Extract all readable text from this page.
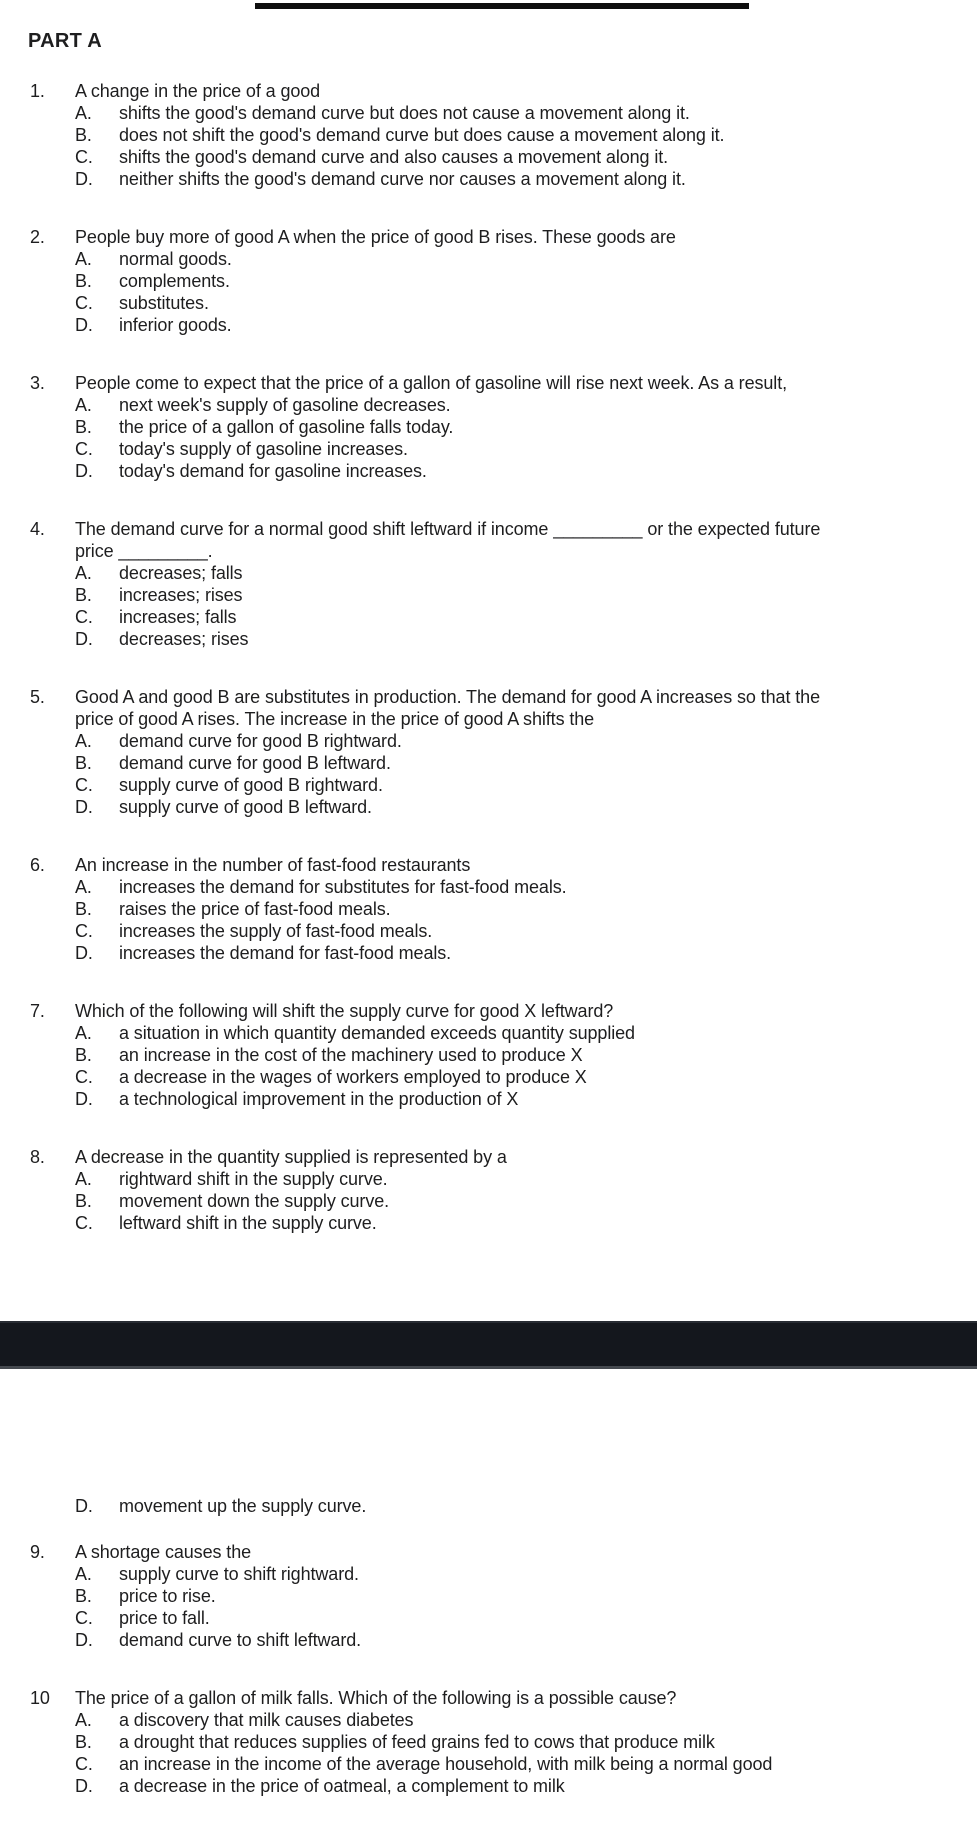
PART A
1. A change in the price of a good
A.	shifts the good's demand curve but does not cause a movement along it.
B.	does not shift the good's demand curve but does cause a movement along it.
C.	shifts the good's demand curve and also causes a movement along it.
D.	neither shifts the good's demand curve nor causes a movement along it.
2. People buy more of good A when the price of good B rises. These goods are
A.	normal goods.
B.	complements.
C.	substitutes.
D.	inferior goods.
3. People come to expect that the price of a gallon of gasoline will rise next week. As a result,
A.	next week's supply of gasoline decreases.
B.	the price of a gallon of gasoline falls today.
C.	today's supply of gasoline increases.
D.	today's demand for gasoline increases.
4. The demand curve for a normal good shift leftward if income _________ or the expected future
price _________.
A.	decreases; falls
B.	increases; rises
C.	increases; falls
D.	decreases; rises
5. Good A and good B are substitutes in production. The demand for good A increases so that the
price of good A rises. The increase in the price of good A shifts the
A.	demand curve for good B rightward.
B.	demand curve for good B leftward.
C.	supply curve of good B rightward.
D.	supply curve of good B leftward.
6. An increase in the number of fast-food restaurants
A.	increases the demand for substitutes for fast-food meals.
B.	raises the price of fast-food meals.
C.	increases the supply of fast-food meals.
D.	increases the demand for fast-food meals.
7. Which of the following will shift the supply curve for good X leftward?
A.	a situation in which quantity demanded exceeds quantity supplied
B.	an increase in the cost of the machinery used to produce X
C.	a decrease in the wages of workers employed to produce X
D.	a technological improvement in the production of X
8. A decrease in the quantity supplied is represented by a
A.	rightward shift in the supply curve.
B.	movement down the supply curve.
C.	leftward shift in the supply curve.
D.	movement up the supply curve.
9. A shortage causes the
A.	supply curve to shift rightward.
B.	price to rise.
C.	price to fall.
D.	demand curve to shift leftward.
10 The price of a gallon of milk falls. Which of the following is a possible cause?
A.	a discovery that milk causes diabetes
B.	a drought that reduces supplies of feed grains fed to cows that produce milk
C.	an increase in the income of the average household, with milk being a normal good
D.	a decrease in the price of oatmeal, a complement to milk
